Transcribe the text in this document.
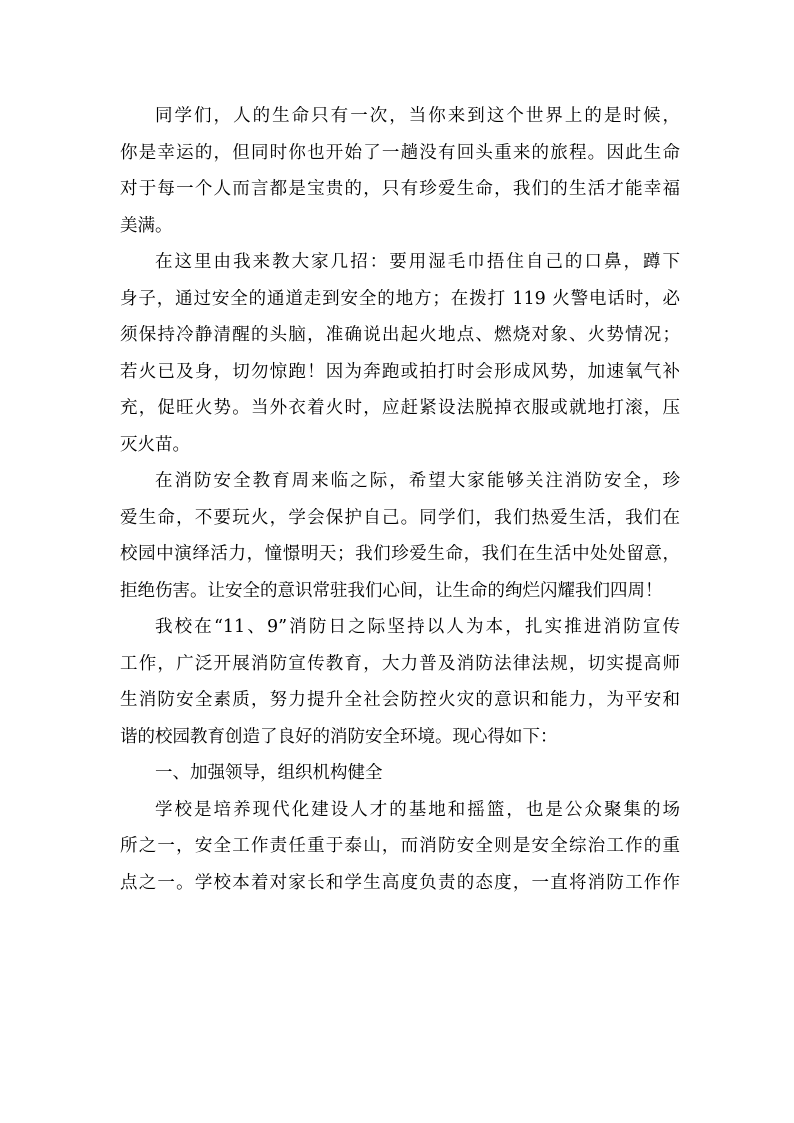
同学们，人的生命只有一次，当你来到这个世界上的是时候，
你是幸运的，但同时你也开始了一趟没有回头重来的旅程。因此生命
对于每一个人而言都是宝贵的，只有珍爱生命，我们的生活才能幸福
美满。
在这里由我来教大家几招：要用湿毛巾捂住自己的口鼻，蹲下
身子，通过安全的通道走到安全的地方；在拨打 119 火警电话时，必
须保持冷静清醒的头脑，准确说出起火地点、燃烧对象、火势情况；
若火已及身，切勿惊跑！因为奔跑或拍打时会形成风势，加速氧气补
充，促旺火势。当外衣着火时，应赶紧设法脱掉衣服或就地打滚，压
灭火苗。
在消防安全教育周来临之际，希望大家能够关注消防安全，珍
爱生命，不要玩火，学会保护自己。同学们，我们热爱生活，我们在
校园中演绎活力，憧憬明天；我们珍爱生命，我们在生活中处处留意，
拒绝伤害。让安全的意识常驻我们心间，让生命的绚烂闪耀我们四周！
我校在“11、9”消防日之际坚持以人为本，扎实推进消防宣传
工作，广泛开展消防宣传教育，大力普及消防法律法规，切实提高师
生消防安全素质，努力提升全社会防控火灾的意识和能力，为平安和
谐的校园教育创造了良好的消防安全环境。现心得如下：
一、加强领导，组织机构健全
学校是培养现代化建设人才的基地和摇篮，也是公众聚集的场
所之一，安全工作责任重于泰山，而消防安全则是安全综治工作的重
点之一。学校本着对家长和学生高度负责的态度，一直将消防工作作
